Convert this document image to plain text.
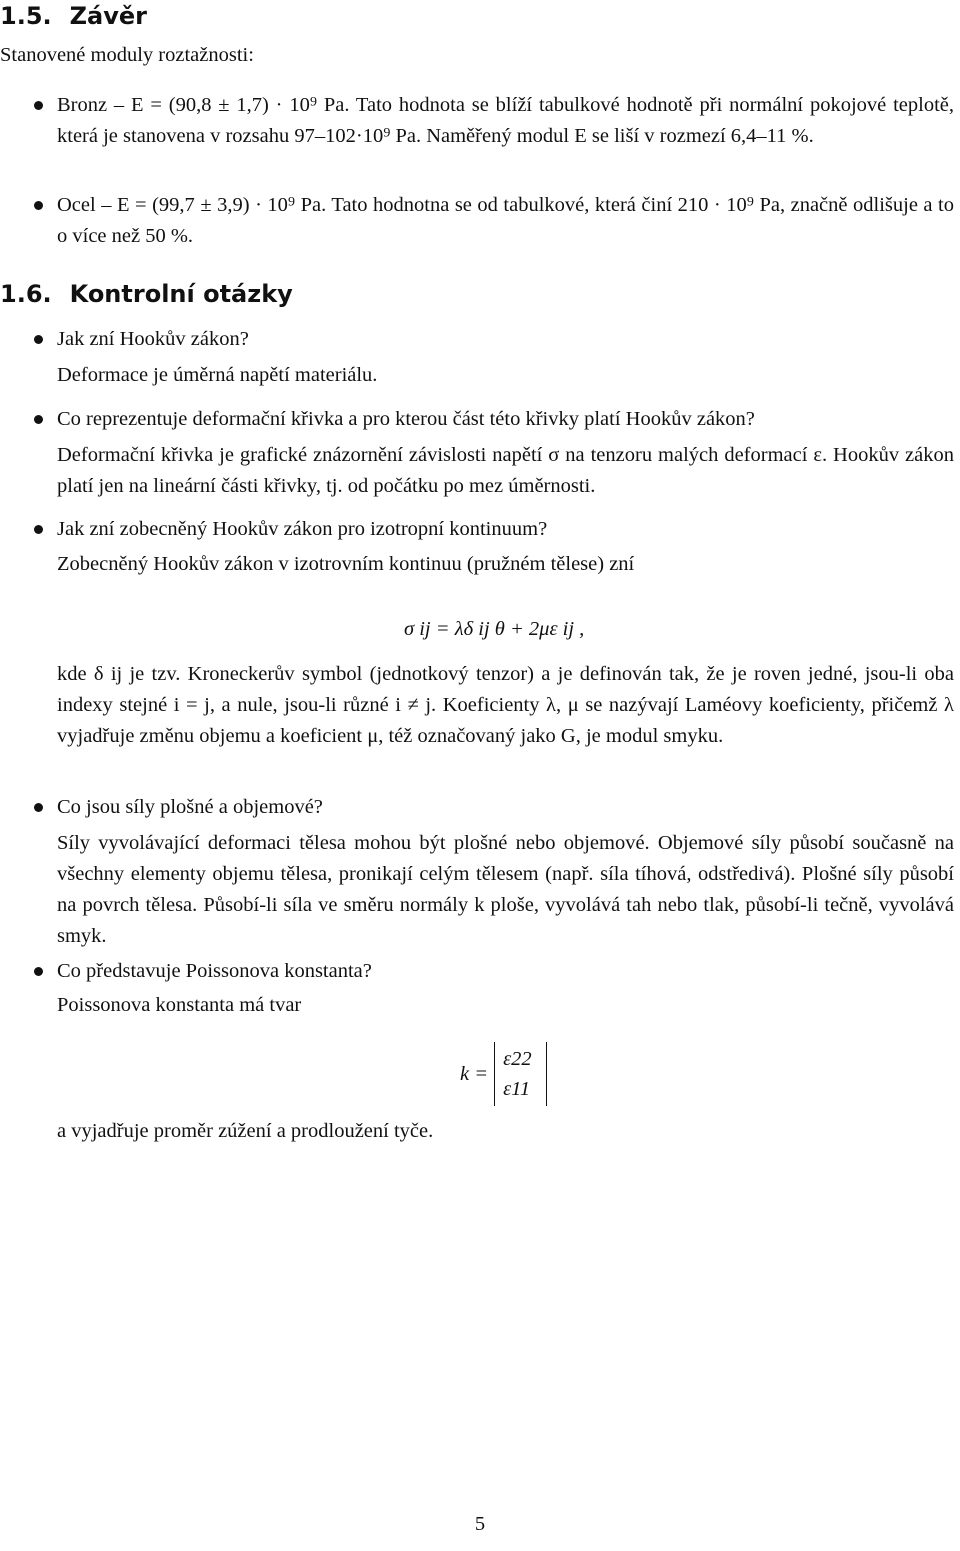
1.5. Závěr

Stanovené moduly roztažnosti:

Bronz – E = (90,8 ± 1,7) · 10⁹ Pa. Tato hodnota se blíží tabulkové hodnotě při normální pokojové teplotě, která je stanovena v rozsahu 97–102·10⁹ Pa. Naměřený modul E se liší v rozmezí 6,4–11 %.

Ocel – E = (99,7 ± 3,9) · 10⁹ Pa. Tato hodnotna se od tabulkové, která činí 210 · 10⁹ Pa, značně odlišuje a to o více než 50 %.

1.6. Kontrolní otázky

Jak zní Hookův zákon?

Deformace je úměrná napětí materiálu.

Co reprezentuje deformační křivka a pro kterou část této křivky platí Hookův zákon?

Deformační křivka je grafické znázornění závislosti napětí σ na tenzoru malých deformací ε. Hookův zákon platí jen na lineární části křivky, tj. od počátku po mez úměrnosti.

Jak zní zobecněný Hookův zákon pro izotropní kontinuum?

Zobecněný Hookův zákon v izotrovním kontinuu (pružném tělese) zní

σ ij = λδ ij θ + 2με ij ,

kde δ ij je tzv. Kroneckerův symbol (jednotkový tenzor) a je definován tak, že je roven jedné, jsou-li oba indexy stejné i = j, a nule, jsou-li různé i ≠ j. Koeficienty λ, μ se nazývají Laméovy koeficienty, přičemž λ vyjadřuje změnu objemu a koeficient μ, též označovaný jako G, je modul smyku.

Co jsou síly plošné a objemové?

Síly vyvolávající deformaci tělesa mohou být plošné nebo objemové. Objemové síly působí současně na všechny elementy objemu tělesa, pronikají celým tělesem (např. síla tíhová, odstředivá). Plošné síly působí na povrch tělesa. Působí-li síla ve směru normály k ploše, vyvolává tah nebo tlak, působí-li tečně, vyvolává smyk.

Co představuje Poissonova konstanta?

Poissonova konstanta má tvar

k =
ε22
ε11

a vyjadřuje proměr zúžení a prodloužení tyče.

5
